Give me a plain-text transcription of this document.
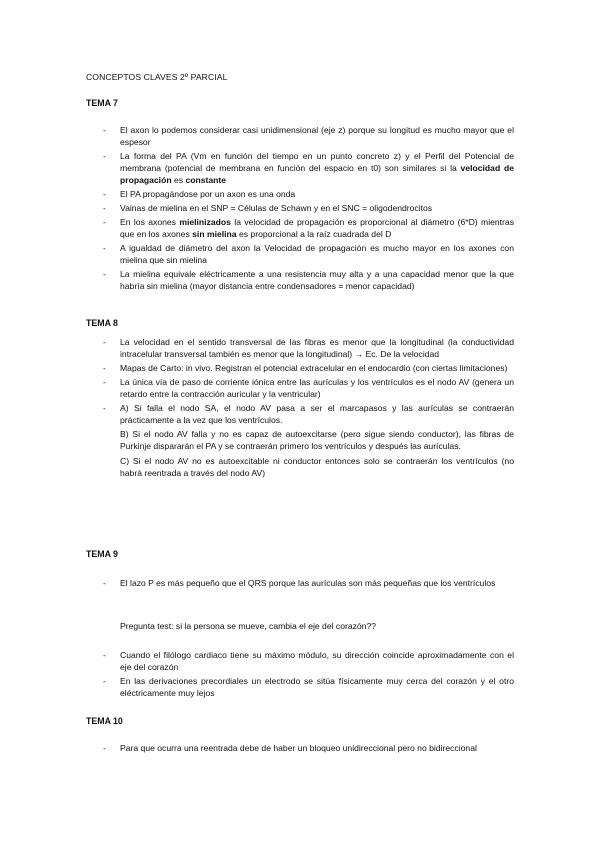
CONCEPTOS CLAVES 2º PARCIAL
TEMA 7
- El axon lo podemos considerar casi unidimensional (eje z) porque su longitud es mucho mayor que el espesor
- La forma del PA (Vm en función del tiempo en un punto concreto z) y el Perfil del Potencial de membrana (potencial de membrana en función del espacio en t0) son similares si la velocidad de propagación es constante
- El PA propagándose por un axon es una onda
- Vainas de mielina en el SNP = Células de Schawn y en el SNC = oligodendrocitos
- En los axones mielinizados la velocidad de propagación es proporcional al diámetro (6*D) mientras que en los axones sin mielina es proporcional a la raíz cuadrada del D
- A igualdad de diámetro del axon la Velocidad de propagación es mucho mayor en los axones con mielina que sin mielina
- La mielina equivale eléctricamente a una resistencia muy alta y a una capacidad menor que la que habría sin mielina (mayor distancia entre condensadores = menor capacidad)
TEMA 8
- La velocidad en el sentido transversal de las fibras es menor que la longitudinal (la conductividad intracelular transversal también es menor que la longitudinal) → Ec. De la velocidad
- Mapas de Carto: in vivo. Registran el potencial extracelular en el endocardio (con ciertas limitaciones)
- La única vía de paso de corriente iónica entre las aurículas y los ventrículos es el nodo AV (genera un retardo entre la contracción auricular y la ventricular)
- A) Si falla el nodo SA, el nodo AV pasa a ser el marcapasos y las aurículas se contraerán prácticamente a la vez que los ventrículos.
B) Si el nodo AV falla y no es capaz de autoexcitarse (pero sigue siendo conductor), las fibras de Purkinje dispararán el PA y se contraerán primero los ventrículos y después las aurículas.
C) Si el nodo AV no es autoexcitable ni conductor entonces solo se contraerán los ventrículos (no habrá reentrada a través del nodo AV)
TEMA 9
- El lazo P es más pequeño que el QRS porque las aurículas son más pequeñas que los ventrículos
Pregunta test: si la persona se mueve, cambia el eje del corazón??
- Cuando el filólogo cardiaco tiene su máximo módulo, su dirección coincide aproximadamente con el eje del corazón
- En las derivaciones precordiales un electrodo se sitúa físicamente muy cerca del corazón y el otro eléctricamente muy lejos
TEMA 10
- Para que ocurra una reentrada debe de haber un bloqueo unidireccional pero no bidireccional
